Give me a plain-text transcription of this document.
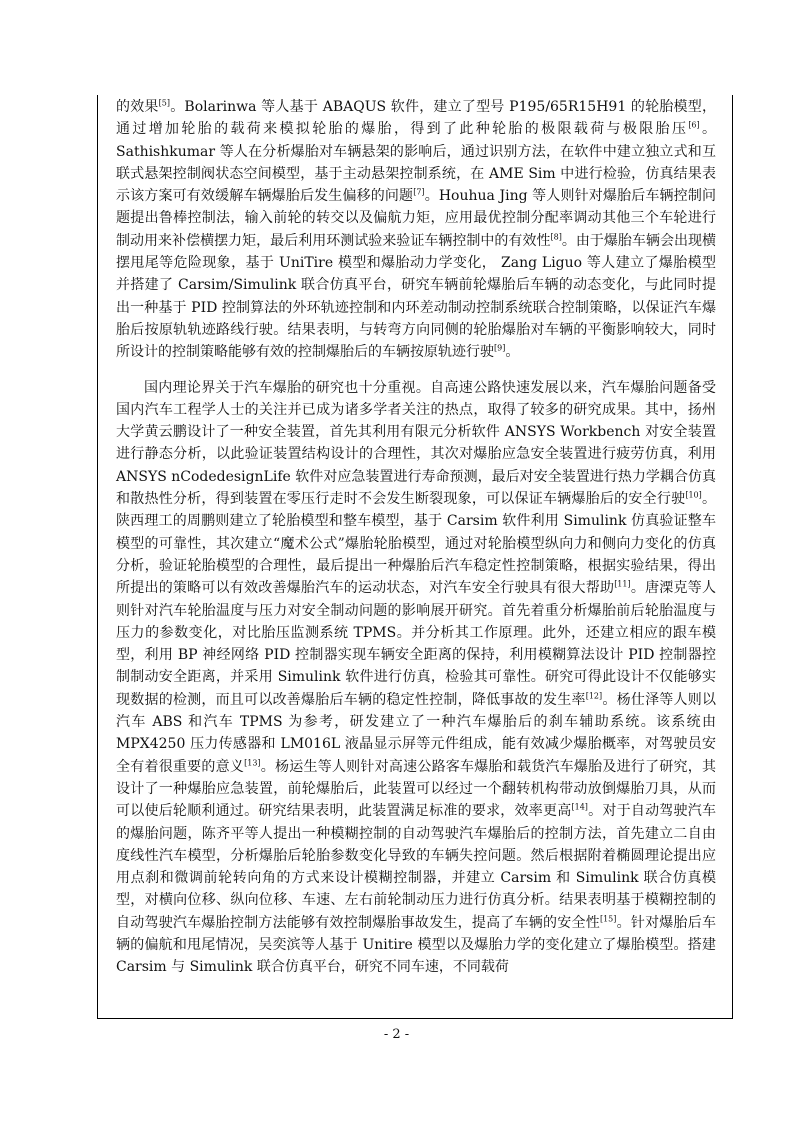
的效果[5]。Bolarinwa 等人基于 ABAQUS 软件，建立了型号 P195/65R15H91 的轮胎模型，通过增加轮胎的载荷来模拟轮胎的爆胎，得到了此种轮胎的极限载荷与极限胎压[6]。Sathishkumar 等人在分析爆胎对车辆悬架的影响后，通过识别方法，在软件中建立独立式和互联式悬架控制阀状态空间模型，基于主动悬架控制系统，在 AME Sim 中进行检验，仿真结果表示该方案可有效缓解车辆爆胎后发生偏移的问题[7]。Houhua Jing 等人则针对爆胎后车辆控制问题提出鲁棒控制法，输入前轮的转交以及偏航力矩，应用最优控制分配率调动其他三个车轮进行制动用来补偿横摆力矩，最后利用环测试验来验证车辆控制中的有效性[8]。由于爆胎车辆会出现横摆甩尾等危险现象，基于 UniTire 模型和爆胎动力学变化， Zang Liguo 等人建立了爆胎模型并搭建了 Carsim/Simulink 联合仿真平台，研究车辆前轮爆胎后车辆的动态变化，与此同时提出一种基于 PID 控制算法的外环轨迹控制和内环差动制动控制系统联合控制策略，以保证汽车爆胎后按原轨轨迹路线行驶。结果表明，与转弯方向同侧的轮胎爆胎对车辆的平衡影响较大，同时所设计的控制策略能够有效的控制爆胎后的车辆按原轨迹行驶[9]。

国内理论界关于汽车爆胎的研究也十分重视。自高速公路快速发展以来，汽车爆胎问题备受国内汽车工程学人士的关注并已成为诸多学者关注的热点，取得了较多的研究成果。其中，扬州大学黄云鹏设计了一种安全装置，首先其利用有限元分析软件 ANSYS Workbench 对安全装置进行静态分析，以此验证装置结构设计的合理性，其次对爆胎应急安全装置进行疲劳仿真，利用 ANSYS nCodedesignLife 软件对应急装置进行寿命预测，最后对安全装置进行热力学耦合仿真和散热性分析，得到装置在零压行走时不会发生断裂现象，可以保证车辆爆胎后的安全行驶[10]。陕西理工的周鹏则建立了轮胎模型和整车模型，基于 Carsim 软件利用 Simulink 仿真验证整车模型的可靠性，其次建立“魔术公式”爆胎轮胎模型，通过对轮胎模型纵向力和侧向力变化的仿真分析，验证轮胎模型的合理性，最后提出一种爆胎后汽车稳定性控制策略，根据实验结果，得出所提出的策略可以有效改善爆胎汽车的运动状态，对汽车安全行驶具有很大帮助[11]。唐溧克等人则针对汽车轮胎温度与压力对安全制动问题的影响展开研究。首先着重分析爆胎前后轮胎温度与压力的参数变化，对比胎压监测系统 TPMS。并分析其工作原理。此外，还建立相应的跟车模型，利用 BP 神经网络 PID 控制器实现车辆安全距离的保持，利用模糊算法设计 PID 控制器控制制动安全距离，并采用 Simulink 软件进行仿真，检验其可靠性。研究可得此设计不仅能够实现数据的检测，而且可以改善爆胎后车辆的稳定性控制，降低事故的发生率[12]。杨仕泽等人则以汽车 ABS 和汽车 TPMS 为参考，研发建立了一种汽车爆胎后的刹车辅助系统。该系统由 MPX4250 压力传感器和 LM016L 液晶显示屏等元件组成，能有效减少爆胎概率，对驾驶员安全有着很重要的意义[13]。杨运生等人则针对高速公路客车爆胎和载货汽车爆胎及进行了研究，其设计了一种爆胎应急装置，前轮爆胎后，此装置可以经过一个翻转机构带动放倒爆胎刀具，从而可以使后轮顺利通过。研究结果表明，此装置满足标准的要求，效率更高[14]。对于自动驾驶汽车的爆胎问题，陈齐平等人提出一种模糊控制的自动驾驶汽车爆胎后的控制方法，首先建立二自由度线性汽车模型，分析爆胎后轮胎参数变化导致的车辆失控问题。然后根据附着椭圆理论提出应用点刹和微调前轮转向角的方式来设计模糊控制器，并建立 Carsim 和 Simulink 联合仿真模型，对横向位移、纵向位移、车速、左右前轮制动压力进行仿真分析。结果表明基于模糊控制的自动驾驶汽车爆胎控制方法能够有效控制爆胎事故发生，提高了车辆的安全性[15]。针对爆胎后车辆的偏航和甩尾情况，吴奕滨等人基于 Unitire 模型以及爆胎力学的变化建立了爆胎模型。搭建 Carsim 与 Simulink 联合仿真平台，研究不同车速，不同载荷

- 2 -
